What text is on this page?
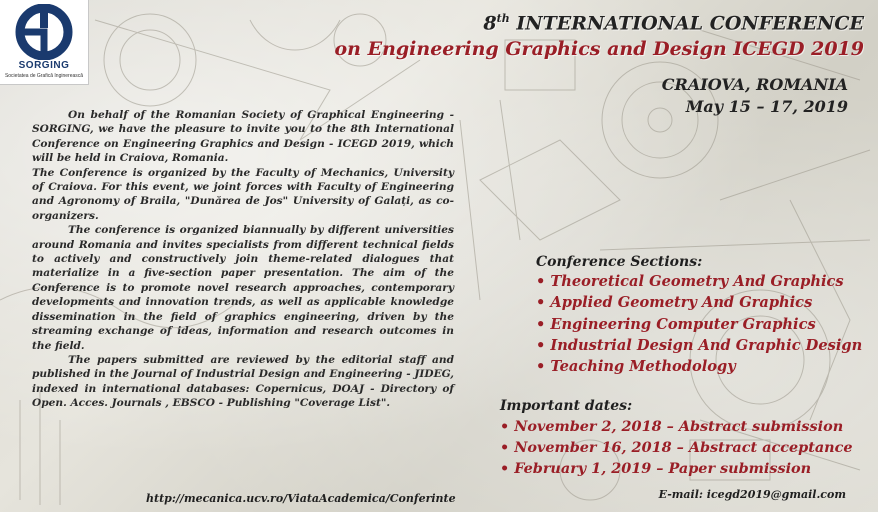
SORGING
Societatea de Grafică Inginerească
8th INTERNATIONAL CONFERENCE
on Engineering Graphics and Design ICEGD 2019
CRAIOVA, ROMANIA
May 15 – 17, 2019

On behalf of the Romanian Society of Graphical Engineering - SORGING, we have the pleasure to invite you to the 8th International Conference on Engineering Graphics and Design - ICEGD 2019, which will be held in Craiova, Romania.

The Conference is organized by the Faculty of Mechanics, University of Craiova. For this event, we joint forces with Faculty of Engineering and Agronomy of Braila, "Dunărea de Jos" University of Galați, as co-organizers.

The conference is organized biannually by different universities around Romania and invites specialists from different technical fields to actively and constructively join theme-related dialogues that materialize in a five-section paper presentation. The aim of the Conference is to promote novel research approaches, contemporary developments and innovation trends, as well as applicable knowledge dissemination in the field of graphics engineering, driven by the streaming exchange of ideas, information and research outcomes in the field.

The papers submitted are reviewed by the editorial staff and published in the Journal of Industrial Design and Engineering - JIDEG, indexed in international databases: Copernicus, DOAJ - Directory of Open. Acces. Journals , EBSCO - Publishing "Coverage List".

http://mecanica.ucv.ro/ViataAcademica/Conferinte
Conference Sections:
• Theoretical Geometry And Graphics
• Applied Geometry And Graphics
• Engineering Computer Graphics
• Industrial Design And Graphic Design
• Teaching Methodology
Important dates:
• November 2, 2018 – Abstract submission
• November 16, 2018 – Abstract acceptance
• February 1, 2019 – Paper submission
E-mail: icegd2019@gmail.com
